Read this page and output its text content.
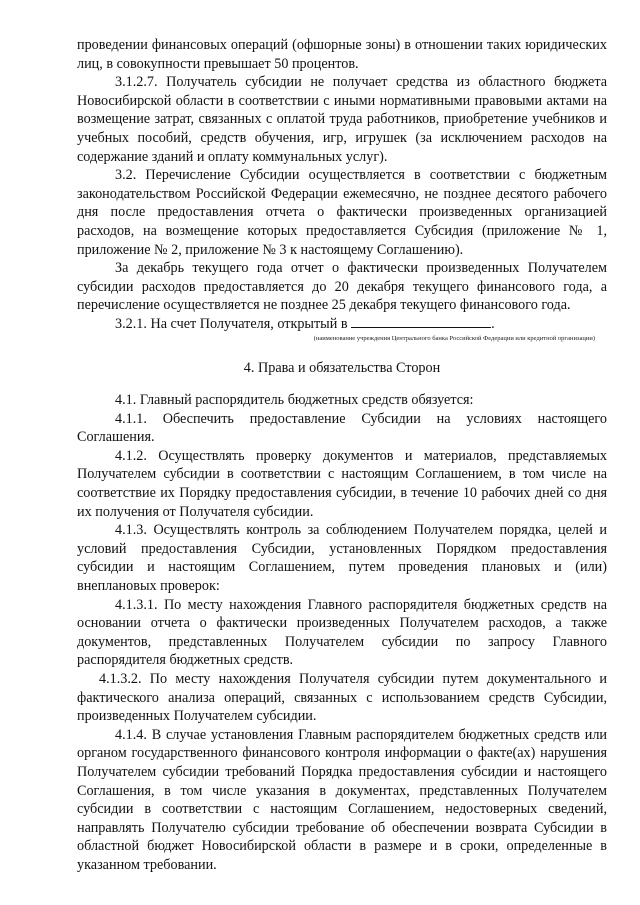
проведении финансовых операций (офшорные зоны) в отношении таких юридических лиц, в совокупности превышает 50 процентов.

3.1.2.7. Получатель субсидии не получает средства из областного бюджета Новосибирской области в соответствии с иными нормативными правовыми актами на возмещение затрат, связанных с оплатой труда работников, приобретение учебников и учебных пособий, средств обучения, игр, игрушек (за исключением расходов на содержание зданий и оплату коммунальных услуг).

3.2. Перечисление Субсидии осуществляется в соответствии с бюджетным законодательством Российской Федерации ежемесячно, не позднее десятого рабочего дня после предоставления отчета о фактически произведенных организацией расходов, на возмещение которых предоставляется Субсидия (приложение № 1, приложение № 2, приложение № 3 к настоящему Соглашению).

За декабрь текущего года отчет о фактически произведенных Получателем субсидии расходов предоставляется до 20 декабря текущего финансового года, а перечисление осуществляется не позднее 25 декабря текущего финансового года.

3.2.1. На счет Получателя, открытый в	.

(наименование учреждения Центрального банка Российской Федерации или кредитной организации)
4. Права и обязательства Сторон

4.1. Главный распорядитель бюджетных средств обязуется:

4.1.1. Обеспечить предоставление Субсидии на условиях настоящего Соглашения.

4.1.2. Осуществлять проверку документов и материалов, представляемых Получателем субсидии в соответствии с настоящим Соглашением, в том числе на соответствие их Порядку предоставления субсидии, в течение 10 рабочих дней со дня их получения от Получателя субсидии.

4.1.3. Осуществлять контроль за соблюдением Получателем порядка, целей и условий предоставления Субсидии, установленных Порядком предоставления субсидии и настоящим Соглашением, путем проведения плановых и (или) внеплановых проверок:

4.1.3.1. По месту нахождения Главного распорядителя бюджетных средств на основании отчета о фактически произведенных Получателем расходов, а также документов, представленных Получателем субсидии по запросу Главного распорядителя бюджетных средств.

4.1.3.2. По месту нахождения Получателя субсидии путем документального и фактического анализа операций, связанных с использованием средств Субсидии, произведенных Получателем субсидии.

4.1.4. В случае установления Главным распорядителем бюджетных средств или органом государственного финансового контроля информации о факте(ах) нарушения Получателем субсидии требований Порядка предоставления субсидии и настоящего Соглашения, в том числе указания в документах, представленных Получателем субсидии в соответствии с настоящим Соглашением, недостоверных сведений, направлять Получателю субсидии требование об обеспечении возврата Субсидии в областной бюджет Новосибирской области в размере и в сроки, определенные в указанном требовании.
